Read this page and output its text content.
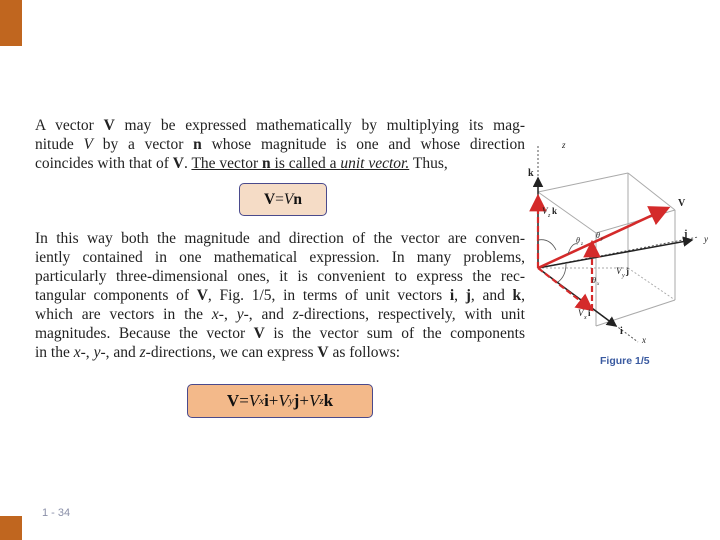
A vector V may be expressed mathematically by multiplying its mag-
nitude V by a vector n whose magnitude is one and whose direction
coincides with that of V. The vector n is called a unit vector. Thus,
V = V n
In this way both the magnitude and direction of the vector are conven-
iently contained in one mathematical expression. In many problems,
particularly three-dimensional ones, it is convenient to express the rec-
tangular components of V, Fig. 1/5, in terms of unit vectors i, j, and k,
which are vectors in the x-, y-, and z-directions, respectively, with unit
magnitudes. Because the vector V is the vector sum of the components
in the x-, y-, and z-directions, we can express V as follows:
V = V x i + V y j + V z k
z
y
x
k
j
i
V
V z k
V y j
V x i
θ z
θ y
θ x
Figure 1/5
1 - 34
